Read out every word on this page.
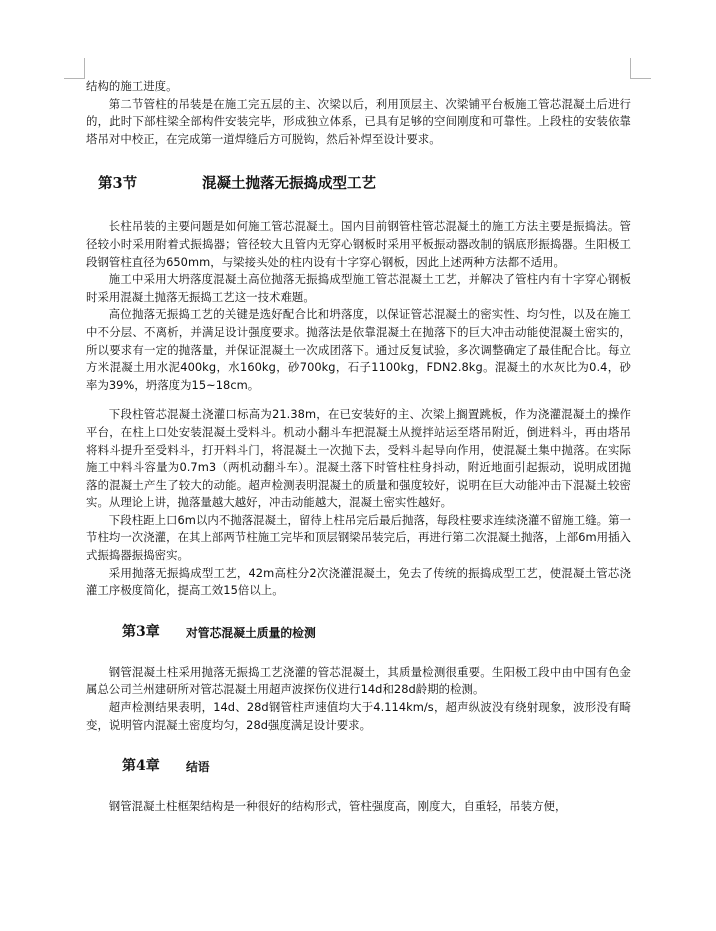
结构的施工进度。

第二节管柱的吊装是在施工完五层的主、次梁以后，利用顶层主、次梁铺平台板施工管芯混凝土后进行的，此时下部柱梁全部构件安装完毕，形成独立体系，已具有足够的空间刚度和可靠性。上段柱的安装依靠塔吊对中校正，在完成第一道焊缝后方可脱钩，然后补焊至设计要求。

第3节	混凝土抛落无振捣成型工艺

长柱吊装的主要问题是如何施工管芯混凝土。国内目前钢管柱管芯混凝土的施工方法主要是振捣法。管径较小时采用附着式振捣器；管径较大且管内无穿心钢板时采用平板振动器改制的锅底形振捣器。生阳极工段钢管柱直径为650mm，与梁接头处的柱内设有十字穿心钢板，因此上述两种方法都不适用。

施工中采用大坍落度混凝土高位抛落无振捣成型施工管芯混凝土工艺，并解决了管柱内有十字穿心钢板时采用混凝土抛落无振捣工艺这一技术难题。

高位抛落无振捣工艺的关键是选好配合比和坍落度，以保证管芯混凝土的密实性、均匀性，以及在施工中不分层、不离析，并满足设计强度要求。抛落法是依靠混凝土在抛落下的巨大冲击动能使混凝土密实的，所以要求有一定的抛落量，并保证混凝土一次成团落下。通过反复试验，多次调整确定了最佳配合比。每立方米混凝土用水泥400kg，水160kg，砂700kg，石子1100kg，FDN2.8kg。混凝土的水灰比为0.4，砂率为39%，坍落度为15~18cm。

下段柱管芯混凝土浇灌口标高为21.38m，在已安装好的主、次梁上搁置跳板，作为浇灌混凝土的操作平台，在柱上口处安装混凝土受料斗。机动小翻斗车把混凝土从搅拌站运至塔吊附近，倒进料斗，再由塔吊将料斗提升至受料斗，打开料斗门，将混凝土一次抛下去，受料斗起导向作用，使混凝土集中抛落。在实际施工中料斗容量为0.7m3（两机动翻斗车）。混凝土落下时管柱柱身抖动，附近地面引起振动，说明成团抛落的混凝土产生了较大的动能。超声检测表明混凝土的质量和强度较好，说明在巨大动能冲击下混凝土较密实。从理论上讲，抛落量越大越好，冲击动能越大，混凝土密实性越好。

下段柱距上口6m以内不抛落混凝土，留待上柱吊完后最后抛落，每段柱要求连续浇灌不留施工缝。第一节柱均一次浇灌，在其上部两节柱施工完毕和顶层钢梁吊装完后，再进行第二次混凝土抛落，上部6m用插入式振捣器振捣密实。

采用抛落无振捣成型工艺，42m高柱分2次浇灌混凝土，免去了传统的振捣成型工艺，使混凝土管芯浇灌工序极度简化，提高工效15倍以上。

第3章 对管芯混凝土质量的检测

钢管混凝土柱采用抛落无振捣工艺浇灌的管芯混凝土，其质量检测很重要。生阳极工段中由中国有色金属总公司兰州建研所对管芯混凝土用超声波探伤仪进行14d和28d龄期的检测。

超声检测结果表明，14d、28d钢管柱声速值均大于4.114km/s，超声纵波没有绕射现象，波形没有畸变，说明管内混凝土密度均匀，28d强度满足设计要求。

第4章 结语

钢管混凝土柱框架结构是一种很好的结构形式，管柱强度高，刚度大，自重轻，吊装方便，
